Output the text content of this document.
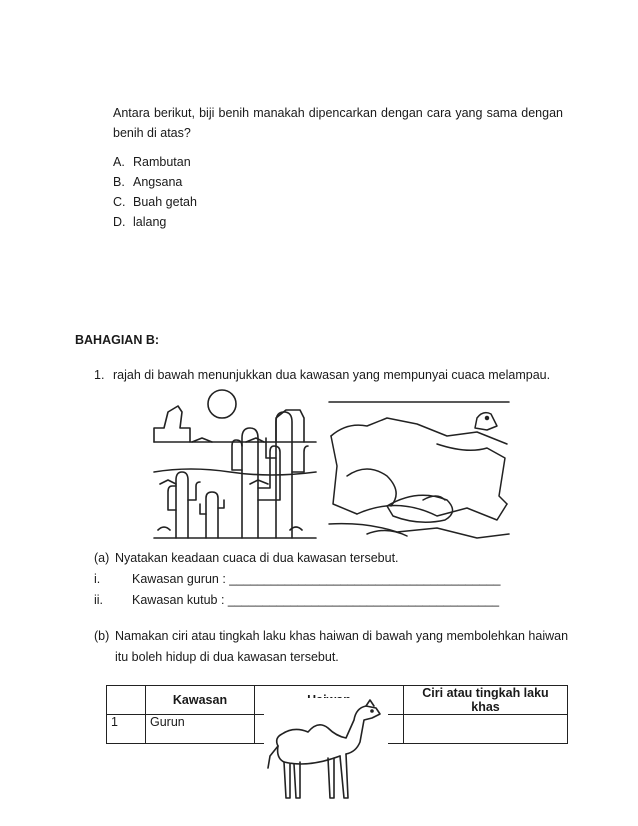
Antara berikut, biji benih manakah dipencarkan dengan cara yang sama dengan
benih di atas?
A. Rambutan
B. Angsana
C. Buah getah
D. lalang
BAHAGIAN B:
1. rajah di bawah menunjukkan dua kawasan yang mempunyai cuaca melampau.
(a) Nyatakan keadaan cuaca di dua kawasan tersebut.
i.	Kawasan gurun : _______________________________________
ii. Kawasan kutub : _______________________________________
(b) Namakan ciri atau tingkah laku khas haiwan di bawah yang membolehkan haiwan
itu boleh hidup di dua kawasan tersebut.
	Kawasan		Ciri atau tingkah laku khas
1	Gurun		
